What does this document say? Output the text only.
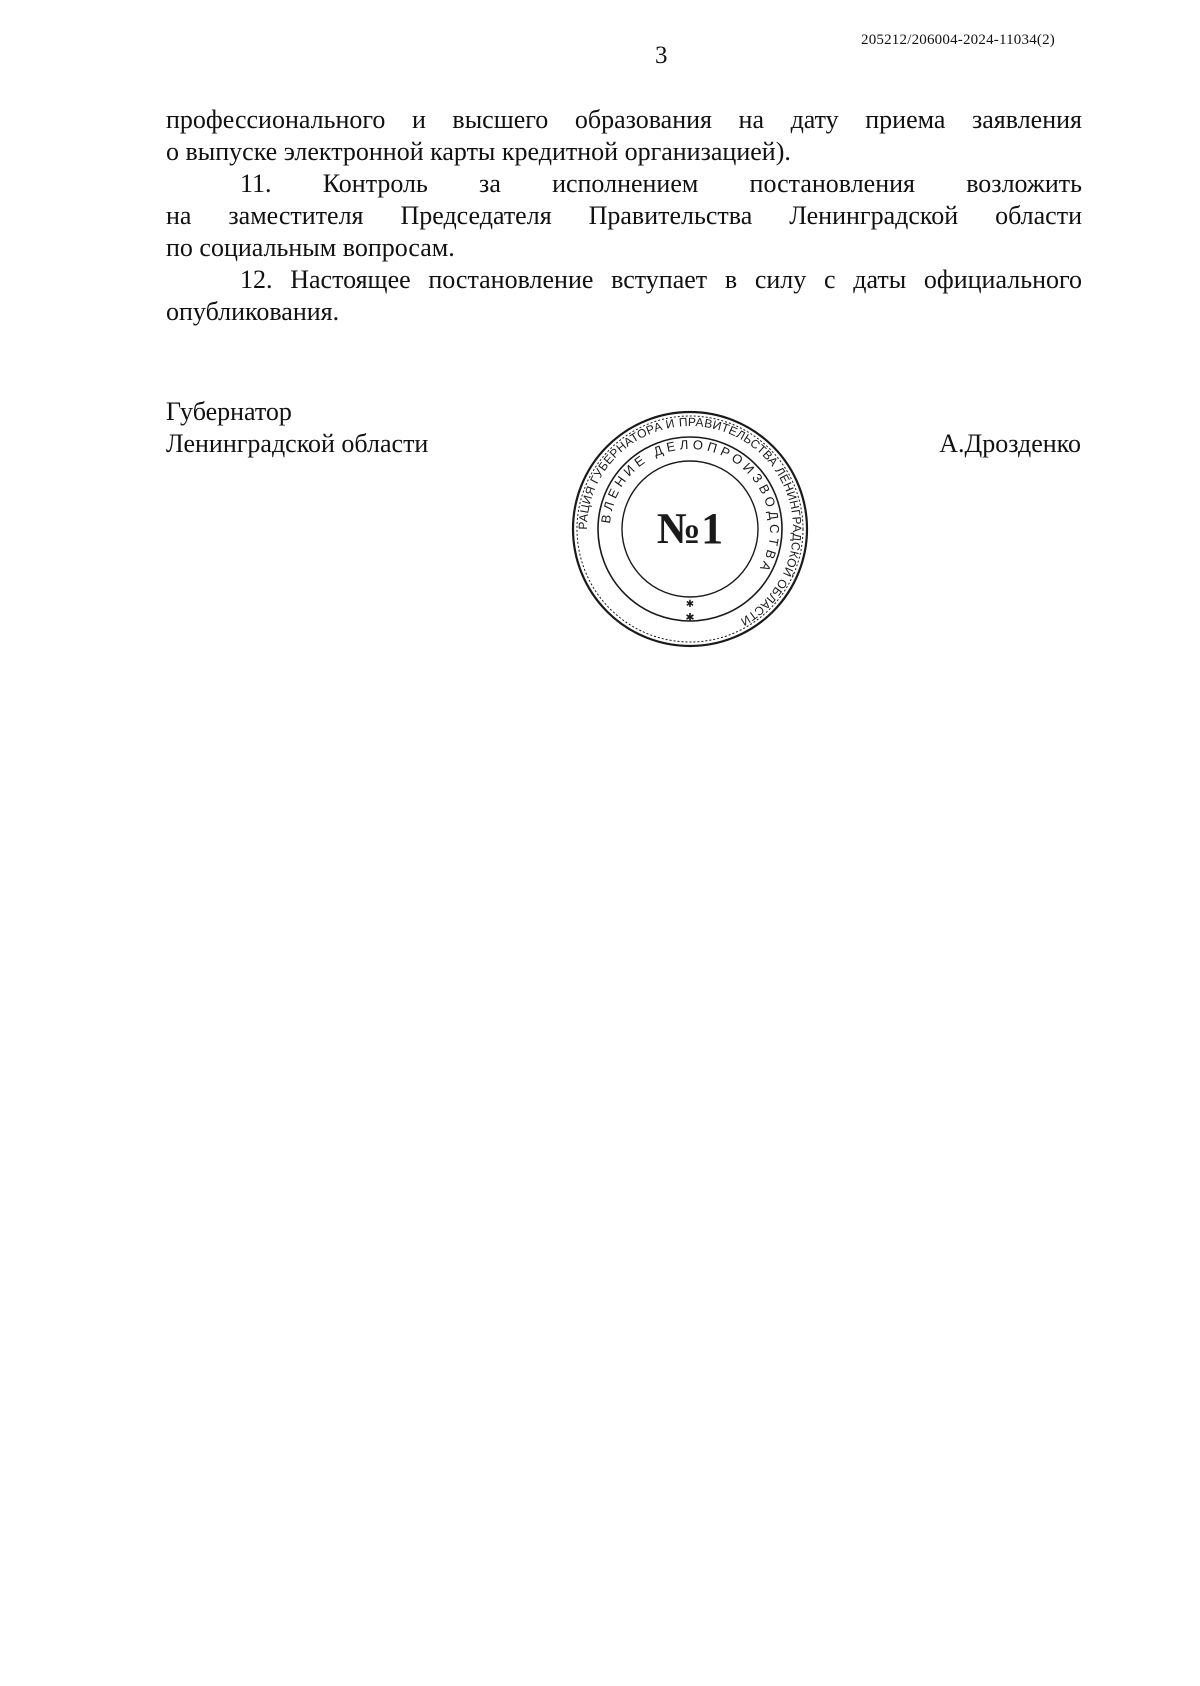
205212/206004-2024-11034(2)
3

профессионального и высшего образования на дату приема заявления
о выпуске электронной карты кредитной организацией).

11. Контроль за исполнением постановления возложить
на заместителя Председателя Правительства Ленинградской области
по социальным вопросам.

12. Настоящее постановление вступает в силу с даты официального
опубликования.

Губернатор
Ленинградской области	А.Дрозденко
РАЦИЯ ГУБЕРНАТОРА И ПРАВИТЕЛЬСТВА ЛЕНИНГРАДСКОЙ ОБЛАСТИ
ВЛЕНИЕ ДЕЛОПРОИЗВОДСТВА
№1
✱
✱
